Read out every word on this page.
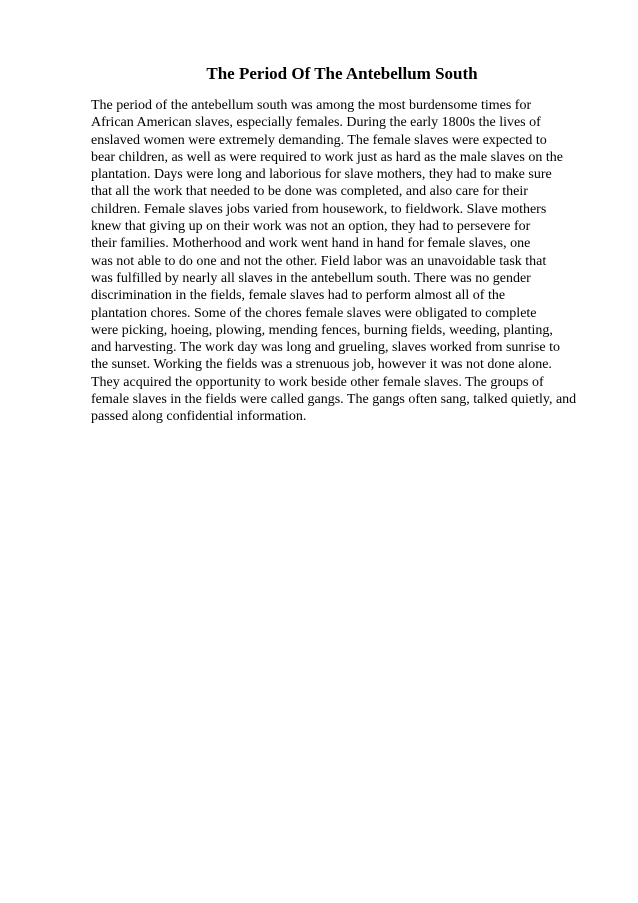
The Period Of The Antebellum South
The period of the antebellum south was among the most burdensome times for
African American slaves, especially females. During the early 1800s the lives of
enslaved women were extremely demanding. The female slaves were expected to
bear children, as well as were required to work just as hard as the male slaves on the
plantation. Days were long and laborious for slave mothers, they had to make sure
that all the work that needed to be done was completed, and also care for their
children. Female slaves jobs varied from housework, to fieldwork. Slave mothers
knew that giving up on their work was not an option, they had to persevere for
their families. Motherhood and work went hand in hand for female slaves, one
was not able to do one and not the other. Field labor was an unavoidable task that
was fulfilled by nearly all slaves in the antebellum south. There was no gender
discrimination in the fields, female slaves had to perform almost all of the
plantation chores. Some of the chores female slaves were obligated to complete
were picking, hoeing, plowing, mending fences, burning fields, weeding, planting,
and harvesting. The work day was long and grueling, slaves worked from sunrise to
the sunset. Working the fields was a strenuous job, however it was not done alone.
They acquired the opportunity to work beside other female slaves. The groups of
female slaves in the fields were called gangs. The gangs often sang, talked quietly, and
passed along confidential information.
